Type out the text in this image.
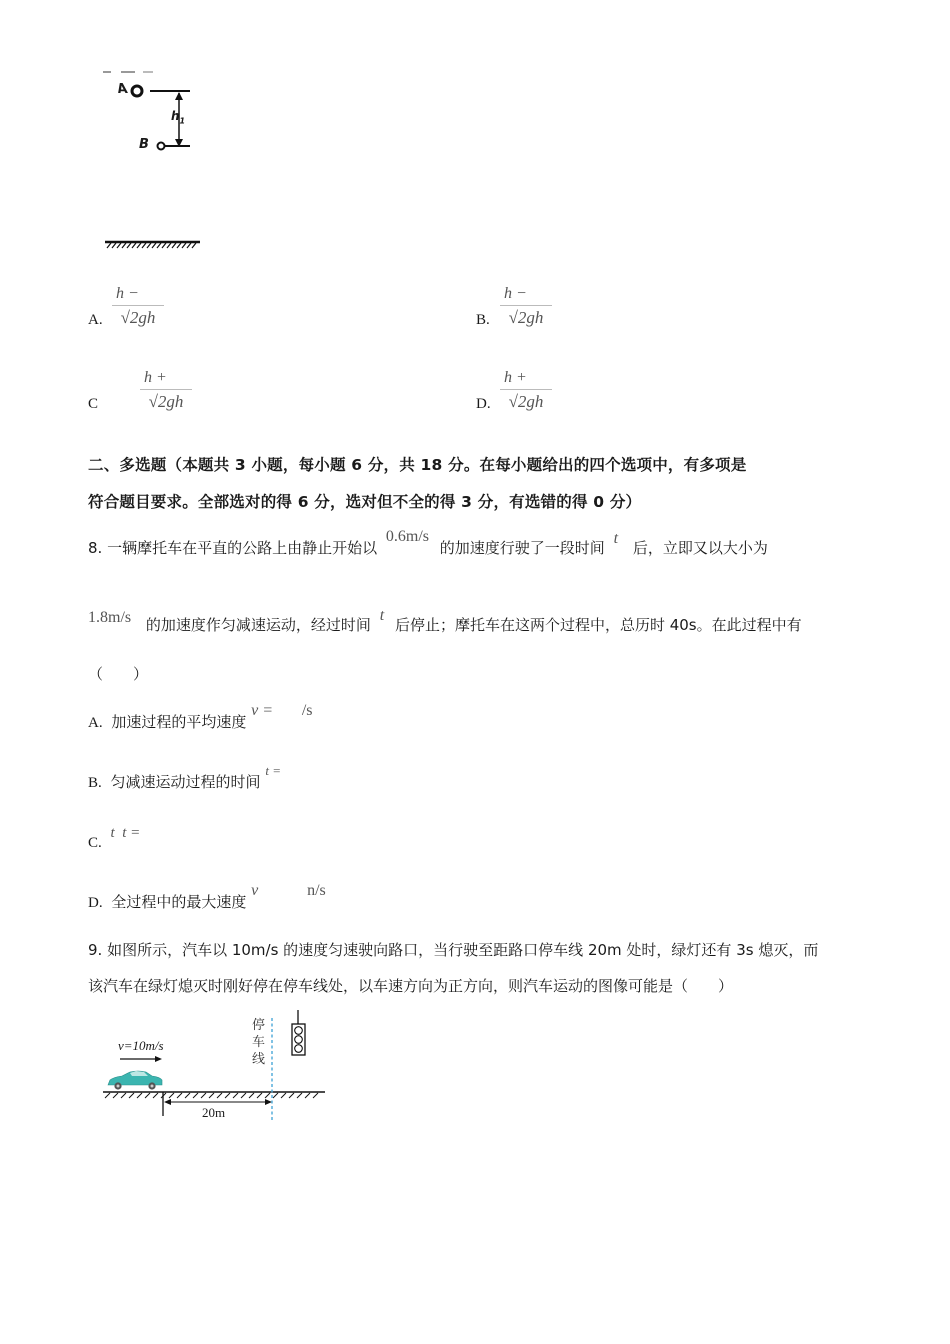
A
B
$h_1$
A.
h −
√2gh	B.
h −
√2gh
C
h +
√2gh	D.
h +
√2gh
二、多选题（本题共 3 小题，每小题 6 分，共 18 分。在每小题给出的四个选项中，有多项是
符合题目要求。全部选对的得 6 分，选对但不全的得 3 分，有选错的得 0 分）
8. 一辆摩托车在平直的公路上由静止开始以 0.6m/s 的加速度行驶了一段时间 t 后，立即又以大小为
1.8m/s 的加速度作匀减速运动，经过时间 t 后停止；摩托车在这两个过程中，总历时 40s。在此过程中有
（　　）
A. 加速过程的平均速度 v = /s
B. 匀减速运动过程的时间 t =
C. t  t =
D. 全过程中的最大速度 v	n/s
9. 如图所示，汽车以 10m/s 的速度匀速驶向路口，当行驶至距路口停车线 20m 处时，绿灯还有 3s 熄灭，而
该汽车在绿灯熄灭时刚好停在停车线处，以车速方向为正方向，则汽车运动的图像可能是（　　）
v=10m/s
停
车
线
20m
